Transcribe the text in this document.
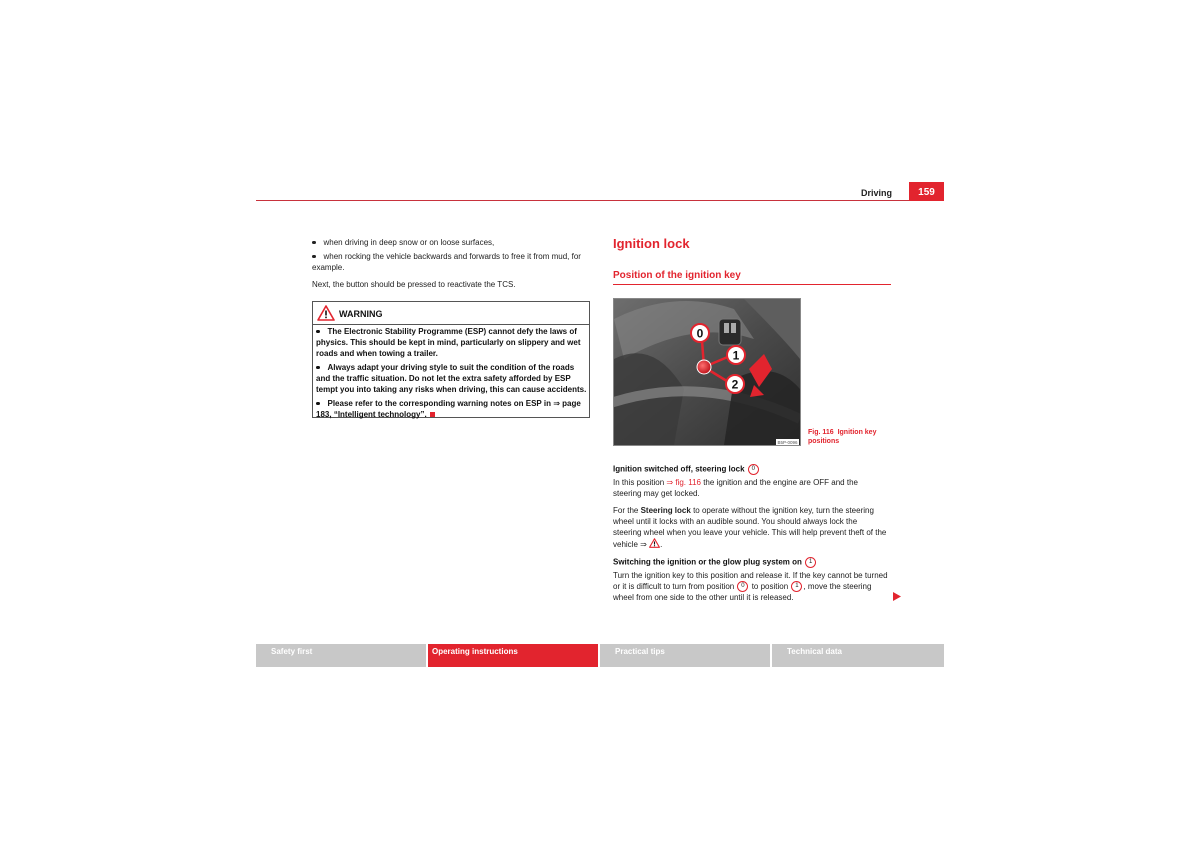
Driving	159
when driving in deep snow or on loose surfaces,
when rocking the vehicle backwards and forwards to free it from mud, for example.
Next, the button should be pressed to reactivate the TCS.
WARNING

The Electronic Stability Programme (ESP) cannot defy the laws of physics. This should be kept in mind, particularly on slippery and wet roads and when towing a trailer.

Always adapt your driving style to suit the condition of the roads and the traffic situation. Do not let the extra safety afforded by ESP tempt you into taking any risks when driving, this can cause accidents.

Please refer to the corresponding warning notes on ESP in ⇒ page 183, “Intelligent technology”.

Ignition lock
Position of the ignition key
0
1
2
B5P-0096
Fig. 116 Ignition key positions
Ignition switched off, steering lock 0
In this position ⇒ fig. 116 the ignition and the engine are OFF and the
steering may get locked.
For the Steering lock to operate without the ignition key, turn the steering
wheel until it locks with an audible sound. You should always lock the
steering wheel when you leave your vehicle. This will help prevent theft of the
vehicle ⇒ .
Switching the ignition or the glow plug system on 1
Turn the ignition key to this position and release it. If the key cannot be turned
or it is difficult to turn from position 0 to position 1 , move the steering
wheel from one side to the other until it is released.
Safety first	Operating instructions	Practical tips	Technical data
